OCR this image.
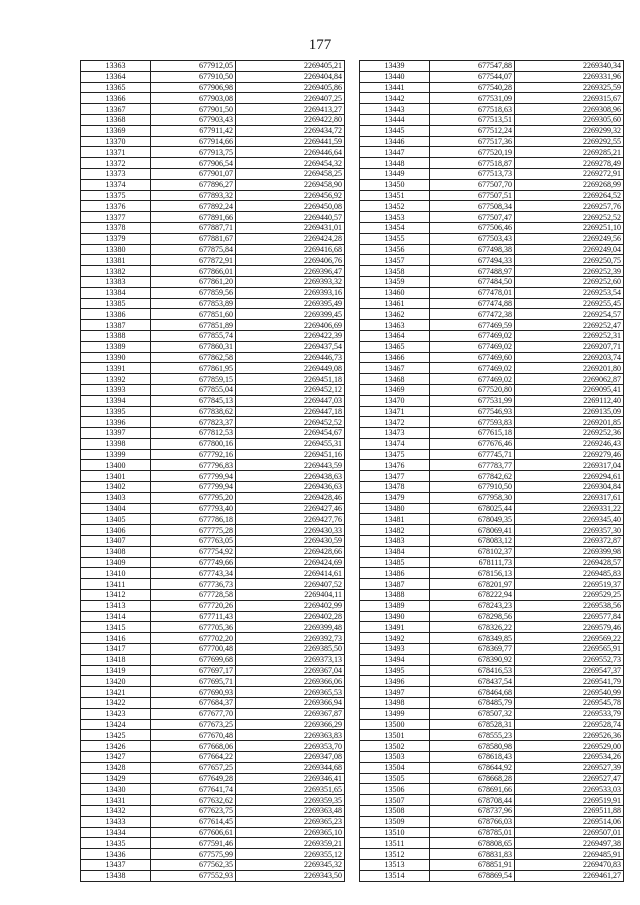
177
13363	677912,05	2269405,21
13364	677910,50	2269404,84
13365	677906,98	2269405,86
13366	677903,08	2269407,25
13367	677901,50	2269413,27
13368	677903,43	2269422,80
13369	677911,42	2269434,72
13370	677914,66	2269441,59
13371	677913,75	2269446,64
13372	677906,54	2269454,32
13373	677901,07	2269458,25
13374	677896,27	2269458,90
13375	677893,32	2269456,92
13376	677892,24	2269450,08
13377	677891,66	2269440,57
13378	677887,71	2269431,01
13379	677881,67	2269424,28
13380	677875,84	2269416,68
13381	677872,91	2269406,76
13382	677866,01	2269396,47
13383	677861,20	2269393,32
13384	677859,56	2269393,16
13385	677853,89	2269395,49
13386	677851,60	2269399,45
13387	677851,89	2269406,69
13388	677855,74	2269422,39
13389	677860,31	2269437,54
13390	677862,58	2269446,73
13391	677861,95	2269449,08
13392	677859,15	2269451,18
13393	677855,04	2269452,12
13394	677845,13	2269447,03
13395	677838,62	2269447,18
13396	677823,37	2269452,52
13397	677812,53	2269454,67
13398	677800,16	2269455,31
13399	677792,16	2269451,16
13400	677796,83	2269443,59
13401	677799,94	2269438,63
13402	677799,94	2269436,63
13403	677795,20	2269428,46
13404	677793,40	2269427,46
13405	677786,18	2269427,76
13406	677775,28	2269430,33
13407	677763,05	2269430,59
13408	677754,92	2269428,66
13409	677749,66	2269424,69
13410	677743,34	2269414,61
13411	677736,73	2269407,52
13412	677728,58	2269404,11
13413	677720,26	2269402,99
13414	677711,43	2269402,28
13415	677705,36	2269399,48
13416	677702,20	2269392,73
13417	677700,48	2269385,50
13418	677699,68	2269373,13
13419	677697,17	2269367,04
13420	677695,71	2269366,06
13421	677690,93	2269365,53
13422	677684,37	2269366,94
13423	677677,70	2269367,87
13424	677673,25	2269366,29
13425	677670,48	2269363,83
13426	677668,06	2269353,70
13427	677664,22	2269347,08
13428	677657,25	2269344,68
13429	677649,28	2269346,41
13430	677641,74	2269351,65
13431	677632,62	2269359,35
13432	677623,75	2269363,48
13433	677614,45	2269365,23
13434	677606,61	2269365,10
13435	677591,46	2269359,21
13436	677575,99	2269355,12
13437	677562,35	2269345,32
13438	677552,93	2269343,50
13439	677547,88	2269340,34
13440	677544,07	2269331,96
13441	677540,28	2269325,59
13442	677531,09	2269315,67
13443	677518,63	2269308,96
13444	677513,51	2269305,60
13445	677512,24	2269299,32
13446	677517,36	2269292,55
13447	677520,19	2269285,21
13448	677518,87	2269278,49
13449	677513,73	2269272,91
13450	677507,70	2269268,99
13451	677507,51	2269264,52
13452	677508,34	2269257,76
13453	677507,47	2269252,52
13454	677506,46	2269251,10
13455	677503,43	2269249,56
13456	677498,38	2269249,04
13457	677494,33	2269250,75
13458	677488,97	2269252,39
13459	677484,50	2269252,60
13460	677478,01	2269253,54
13461	677474,88	2269255,45
13462	677472,38	2269254,57
13463	677469,59	2269252,47
13464	677469,02	2269252,31
13465	677469,02	2269207,71
13466	677469,60	2269203,74
13467	677469,02	2269201,80
13468	677469,02	2269062,87
13469	677520,80	2269095,41
13470	677531,99	2269112,40
13471	677546,93	2269135,09
13472	677593,83	2269201,85
13473	677615,18	2269252,36
13474	677676,46	2269246,43
13475	677745,71	2269279,46
13476	677783,77	2269317,04
13477	677842,62	2269294,61
13478	677910,50	2269304,84
13479	677958,30	2269317,61
13480	678025,44	2269331,22
13481	678049,35	2269345,40
13482	678069,41	2269357,30
13483	678083,12	2269372,87
13484	678102,37	2269399,98
13485	678111,73	2269428,57
13486	678156,13	2269485,83
13487	678201,97	2269519,37
13488	678222,94	2269529,25
13489	678243,23	2269538,56
13490	678298,56	2269577,84
13491	678326,22	2269579,46
13492	678349,85	2269569,22
13493	678369,77	2269565,91
13494	678390,92	2269552,73
13495	678416,53	2269547,37
13496	678437,54	2269541,79
13497	678464,68	2269540,99
13498	678485,79	2269545,78
13499	678507,32	2269533,79
13500	678528,31	2269528,74
13501	678555,23	2269526,36
13502	678580,98	2269529,00
13503	678618,43	2269534,26
13504	678644,92	2269527,39
13505	678668,28	2269527,47
13506	678691,66	2269533,03
13507	678708,44	2269519,91
13508	678737,96	2269511,88
13509	678766,03	2269514,06
13510	678785,01	2269507,01
13511	678808,65	2269497,38
13512	678831,83	2269485,91
13513	678851,91	2269470,83
13514	678869,54	2269461,27
